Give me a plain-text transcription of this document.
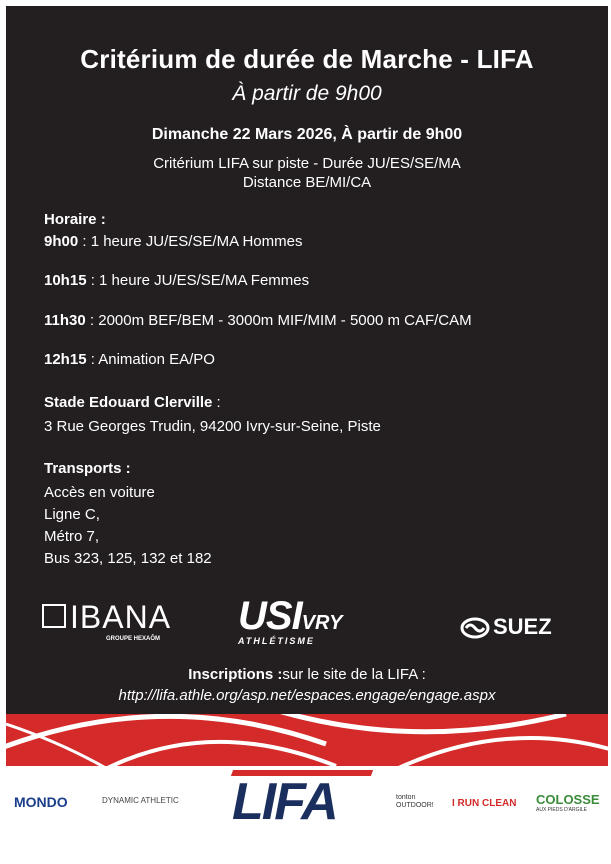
Critérium de durée de Marche - LIFA
À partir de 9h00
Dimanche 22 Mars 2026, À partir de 9h00
Critérium LIFA sur piste - Durée JU/ES/SE/MA
Distance BE/MI/CA
Horaire :
9h00 : 1 heure JU/ES/SE/MA Hommes
10h15 : 1 heure JU/ES/SE/MA Femmes
11h30 : 2000m BEF/BEM - 3000m MIF/MIM - 5000 m CAF/CAM
12h15 : Animation EA/PO
Stade Edouard Clerville :
3 Rue Georges Trudin, 94200 Ivry-sur-Seine, Piste
Transports :
Accès en voiture
Ligne C,
Métro 7,
Bus 323, 125, 132 et 182
IBANA
GROUPE HEXAÔM
USIVRY
ATHLÉTISME
SUEZ
Inscriptions :sur le site de la LIFA :
http://lifa.athle.org/asp.net/espaces.engage/engage.aspx
MONDO	DYNAMIC ATHLETIC LIFA	tonton
OUTDOOR! I RUN CLEAN COLOSSE
AUX PIEDS D'ARGILE
